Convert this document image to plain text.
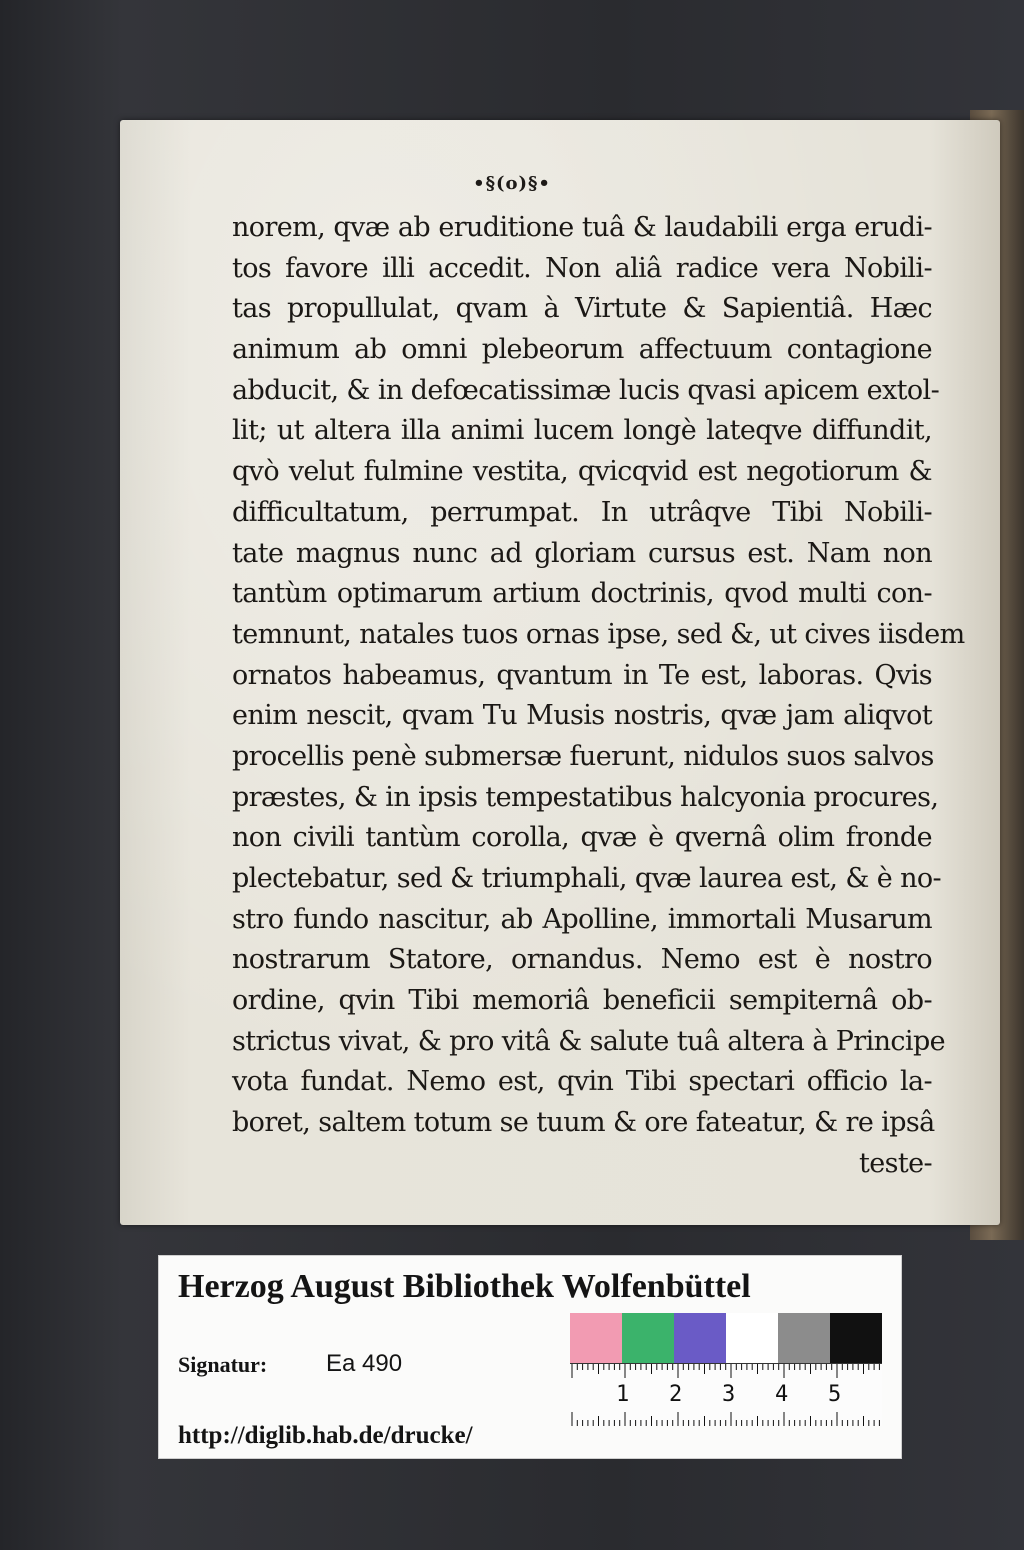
•§(o)§•
norem, qvæ ab eruditione tuâ & laudabili erga erudi-
tos favore illi accedit. Non aliâ radice vera Nobili-
tas propullulat, qvam à Virtute & Sapientiâ. Hæc
animum ab omni plebeorum affectuum contagione
abducit, & in defœcatissimæ lucis qvasi apicem extol-
lit; ut altera illa animi lucem longè lateqve diffundit,
qvò velut fulmine vestita, qvicqvid est negotiorum &
difficultatum, perrumpat. In utrâqve Tibi Nobili-
tate magnus nunc ad gloriam cursus est. Nam non
tantùm optimarum artium doctrinis, qvod multi con-
temnunt, natales tuos ornas ipse, sed &, ut cives iisdem
ornatos habeamus, qvantum in Te est, laboras. Qvis
enim nescit, qvam Tu Musis nostris, qvæ jam aliqvot
procellis penè submersæ fuerunt, nidulos suos salvos
præstes, & in ipsis tempestatibus halcyonia procures,
non civili tantùm corolla, qvæ è qvernâ olim fronde
plectebatur, sed & triumphali, qvæ laurea est, & è no-
stro fundo nascitur, ab Apolline, immortali Musarum
nostrarum Statore, ornandus. Nemo est è nostro
ordine, qvin Tibi memoriâ beneficii sempiternâ ob-
strictus vivat, & pro vitâ & salute tuâ altera à Principe
vota fundat. Nemo est, qvin Tibi spectari officio la-
boret, saltem totum se tuum & ore fateatur, & re ipsâ
teste-
Herzog August Bibliothek Wolfenbüttel
Signatur: Ea 490
http://diglib.hab.de/drucke/
1 2 3 4 5
